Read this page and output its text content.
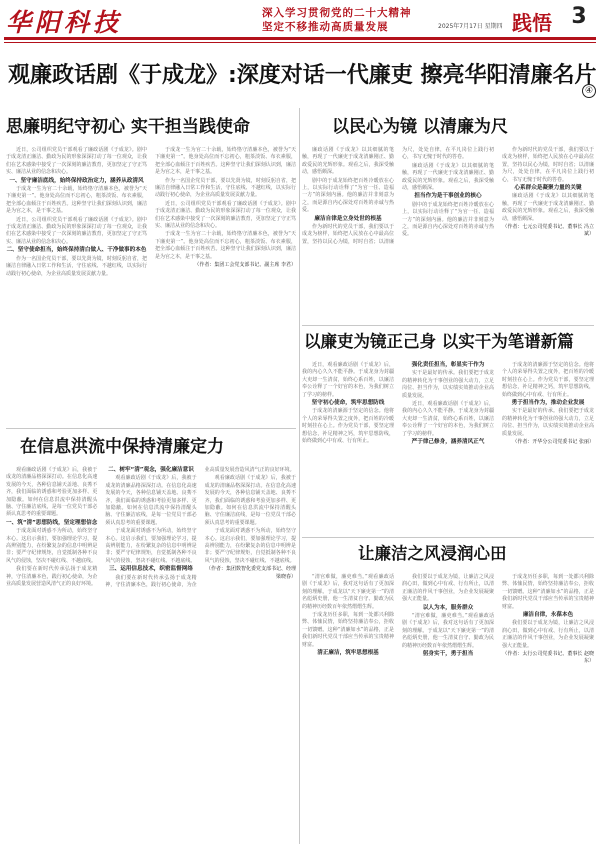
华阳科技	深入学习贯彻党的二十大精神
坚定不移推动高质量发展	2025年7月17日 星期四 践悟 3
观廉政话剧《于成龙》:深度对话一代廉吏 擦亮华阳清廉名片
④
思廉明纪守初心 实干担当践使命

近日，公司组织党员干部观看了廉政话剧《于成龙》。剧中于成龙清正廉洁、勤政为民的形象深深打动了每一位观众，让我们在艺术感染中接受了一次深刻的廉洁教育，更加坚定了守正笃实、廉洁从业的信念和决心。

一、坚守廉洁底线，始终保持政治定力，涵养从政清风

于成龙一生为官二十余载，始终恪守清廉本色，被誉为“天下廉吏第一”。他身处高位而不忘初心，粗茶淡饭、布衣素服，把全部心血倾注于百姓疾苦。这种坚守让我们深刻认识到，廉洁是为官之本，是干事之基。

近日，公司组织党员干部观看了廉政话剧《于成龙》。剧中于成龙清正廉洁、勤政为民的形象深深打动了每一位观众，让我们在艺术感染中接受了一次深刻的廉洁教育，更加坚定了守正笃实、廉洁从业的信念和决心。

二、坚守使命担当，始终保持清白做人、干净做事的本色

作为一名国企党员干部，要以先贤为镜，时刻反躬自省，把廉洁自律融入日常工作和生活，守住底线、不越红线，以实际行动践行初心使命，为企业高质量发展贡献力量。

于成龙一生为官二十余载，始终恪守清廉本色，被誉为“天下廉吏第一”。他身处高位而不忘初心，粗茶淡饭、布衣素服，把全部心血倾注于百姓疾苦。这种坚守让我们深刻认识到，廉洁是为官之本，是干事之基。

作为一名国企党员干部，要以先贤为镜，时刻反躬自省，把廉洁自律融入日常工作和生活，守住底线、不越红线，以实际行动践行初心使命，为企业高质量发展贡献力量。

近日，公司组织党员干部观看了廉政话剧《于成龙》。剧中于成龙清正廉洁、勤政为民的形象深深打动了每一位观众，让我们在艺术感染中接受了一次深刻的廉洁教育，更加坚定了守正笃实、廉洁从业的信念和决心。

于成龙一生为官二十余载，始终恪守清廉本色，被誉为“天下廉吏第一”。他身处高位而不忘初心，粗茶淡饭、布衣素服，把全部心血倾注于百姓疾苦。这种坚守让我们深刻认识到，廉洁是为官之本，是干事之基。

（作者：集团工会党支部书记、副主席 李君）

以民心为镜 以清廉为尺

廉政话剧《于成龙》以其细腻的笔触，再现了一代廉吏于成龙清廉刚正、勤政爱民的光辉形象。观看之后，我深受触动，感悟颇深。

剧中的于成龙始终把百姓冷暖放在心上，以实际行动诠释了“为官一任、造福一方”的深刻内涵。他的廉洁并非刻意为之，而是源自内心深处对百姓的赤诚与热爱。

廉洁自律是立身处世的根基

作为新时代的党员干部，我们要以于成龙为榜样，始终把人民放在心中最高位置，坚持以民心为镜，时时自省；以清廉为尺，处处自律，在平凡岗位上践行初心，书写无愧于时代的答卷。

廉政话剧《于成龙》以其细腻的笔触，再现了一代廉吏于成龙清廉刚正、勤政爱民的光辉形象。观看之后，我深受触动，感悟颇深。

担当作为是干事创业的核心

剧中的于成龙始终把百姓冷暖放在心上，以实际行动诠释了“为官一任、造福一方”的深刻内涵。他的廉洁并非刻意为之，而是源自内心深处对百姓的赤诚与热爱。

作为新时代的党员干部，我们要以于成龙为榜样，始终把人民放在心中最高位置，坚持以民心为镜，时时自省；以清廉为尺，处处自律，在平凡岗位上践行初心，书写无愧于时代的答卷。

心系群众是凝聚力量的关键

廉政话剧《于成龙》以其细腻的笔触，再现了一代廉吏于成龙清廉刚正、勤政爱民的光辉形象。观看之后，我深受触动，感悟颇深。

（作者：七元公司党委书记、董事长 冯立斌）

以廉吏为镜正己身 以实干为笔谱新篇

近日，观看廉政话剧《于成龙》后，我的内心久久不能平静。于成龙身为封疆大吏却一生清贫，始终心系百姓，以廉洁奉公诠释了一个好官的本色，为我们树立了学习的榜样。

坚守初心使命，筑牢思想防线

于成龙的清廉源于坚定的信念。他将个人的荣辱得失置之度外，把百姓的冷暖时刻挂在心上。作为党员干部，要坚定理想信念，补足精神之钙，筑牢思想防线，始终做到心中有戒、行有所止。

强化责任担当，彰显实干作为

实干是最好的传承。我们要把于成龙的精神转化为干事创业的强大动力，立足岗位、担当作为，以实绩实效推动企业高质量发展。

近日，观看廉政话剧《于成龙》后，我的内心久久不能平静。于成龙身为封疆大吏却一生清贫，始终心系百姓，以廉洁奉公诠释了一个好官的本色，为我们树立了学习的榜样。

严于律己修身，涵养清风正气

于成龙的清廉源于坚定的信念。他将个人的荣辱得失置之度外，把百姓的冷暖时刻挂在心上。作为党员干部，要坚定理想信念，补足精神之钙，筑牢思想防线，始终做到心中有戒、行有所止。

勇于担当作为，推动企业发展

实干是最好的传承。我们要把于成龙的精神转化为干事创业的强大动力，立足岗位、担当作为，以实绩实效推动企业高质量发展。

（作者：开华分公司党委书记 张丽）

在信息洪流中保持清廉定力

观看廉政话剧《于成龙》后，我被于成龙的清廉品格深深打动。在信息化高速发展的今天，各种信息铺天盖地、良莠不齐，我们面临的诱惑和考验更加多样、更加隐蔽。如何在信息洪流中保持清醒头脑、守住廉洁底线，是每一位党员干部必须认真思考的重要课题。

一、筑“清”思想防线，坚定理想信念

于成龙面对诱惑不为所动，始终坚守本心。这启示我们，要加强理论学习，提高辨别能力，在纷繁复杂的信息中明辨是非；要严守纪律规矩，自觉抵制各种不良风气的侵蚀，坚决不碰红线、不越底线。

我们要在新时代传承弘扬于成龙精神，守住清廉本色，践行初心使命，为企业高质量发展营造风清气正的良好环境。

二、树牢“清”观念，强化廉洁意识

观看廉政话剧《于成龙》后，我被于成龙的清廉品格深深打动。在信息化高速发展的今天，各种信息铺天盖地、良莠不齐，我们面临的诱惑和考验更加多样、更加隐蔽。如何在信息洪流中保持清醒头脑、守住廉洁底线，是每一位党员干部必须认真思考的重要课题。

于成龙面对诱惑不为所动，始终坚守本心。这启示我们，要加强理论学习，提高辨别能力，在纷繁复杂的信息中明辨是非；要严守纪律规矩，自觉抵制各种不良风气的侵蚀，坚决不碰红线、不越底线。

三、运用信息技术，织密监督网络

我们要在新时代传承弘扬于成龙精神，守住清廉本色，践行初心使命，为企业高质量发展营造风清气正的良好环境。

观看廉政话剧《于成龙》后，我被于成龙的清廉品格深深打动。在信息化高速发展的今天，各种信息铺天盖地、良莠不齐，我们面临的诱惑和考验更加多样、更加隐蔽。如何在信息洪流中保持清醒头脑、守住廉洁底线，是每一位党员干部必须认真思考的重要课题。

于成龙面对诱惑不为所动，始终坚守本心。这启示我们，要加强理论学习，提高辨别能力，在纷繁复杂的信息中明辨是非；要严守纪律规矩，自觉抵制各种不良风气的侵蚀，坚决不碰红线、不越底线。

（作者：集团数智化委党支部书记、经理 梁晓春）

让廉洁之风浸润心田

“清官难做，廉吏难当。”观看廉政话剧《于成龙》后，我对这句话有了更加深刻的理解。于成龙以“天下廉吏第一”的清名彪炳史册，他一生清贫自守、勤政为民的精神历经数百年依然熠熠生辉。

于成龙历任多职，每到一处都兴利除弊、体恤民情，始终坚持廉洁奉公，拒收一切馈赠。这种“清廉如水”的品格，正是我们新时代党员干部应当传承的宝贵精神财富。

清正廉洁，筑牢思想根基

我们要以于成龙为镜，让廉洁之风浸润心田，做到心中有戒、行有所止，以清正廉洁的作风干事创业，为企业发展凝聚强大正能量。

以人为本，服务群众

“清官难做，廉吏难当。”观看廉政话剧《于成龙》后，我对这句话有了更加深刻的理解。于成龙以“天下廉吏第一”的清名彪炳史册，他一生清贫自守、勤政为民的精神历经数百年依然熠熠生辉。

躬身实干，勇于担当

于成龙历任多职，每到一处都兴利除弊、体恤民情，始终坚持廉洁奉公，拒收一切馈赠。这种“清廉如水”的品格，正是我们新时代党员干部应当传承的宝贵精神财富。

廉洁自律，永葆本色

我们要以于成龙为镜，让廉洁之风浸润心田，做到心中有戒、行有所止，以清正廉洁的作风干事创业，为企业发展凝聚强大正能量。

（作者：太行公司党委书记、董事长 赵晓东）
